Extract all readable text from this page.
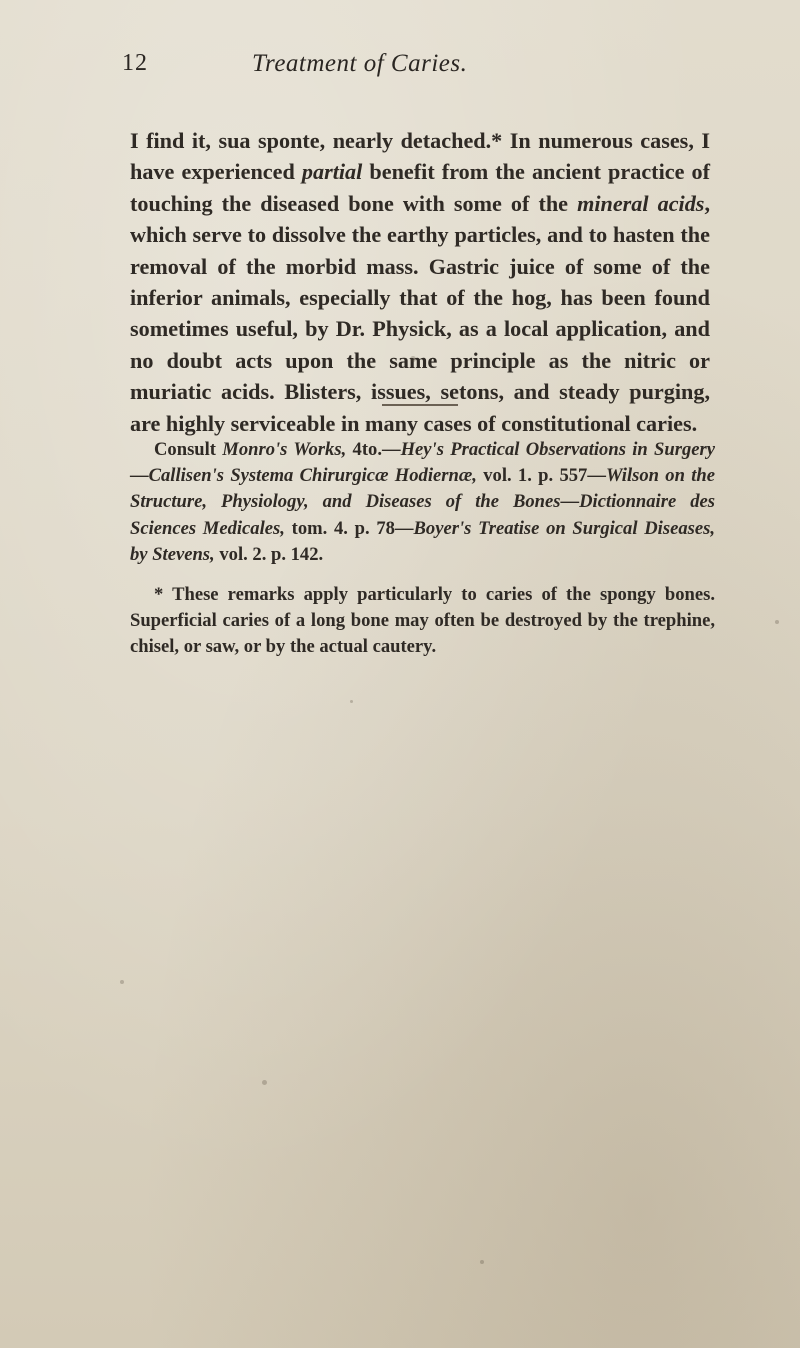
12	Treatment of Caries.
I find it, sua sponte, nearly detached.* In numerous cases, I have experienced partial benefit from the ancient practice of touching the diseased bone with some of the mineral acids, which serve to dissolve the earthy particles, and to hasten the removal of the morbid mass. Gastric juice of some of the inferior animals, especially that of the hog, has been found sometimes useful, by Dr. Physick, as a local application, and no doubt acts upon the same principle as the nitric or muriatic acids. Blisters, issues, setons, and steady purging, are highly serviceable in many cases of constitutional caries.
Consult Monro's Works, 4to.—Hey's Practical Observations in Surgery—Callisen's Systema Chirurgicæ Hodiernæ, vol. 1. p. 557—Wilson on the Structure, Physiology, and Diseases of the Bones—Dictionnaire des Sciences Medicales, tom. 4. p. 78—Boyer's Treatise on Surgical Diseases, by Stevens, vol. 2. p. 142.
* These remarks apply particularly to caries of the spongy bones. Superficial caries of a long bone may often be destroyed by the trephine, chisel, or saw, or by the actual cautery.
